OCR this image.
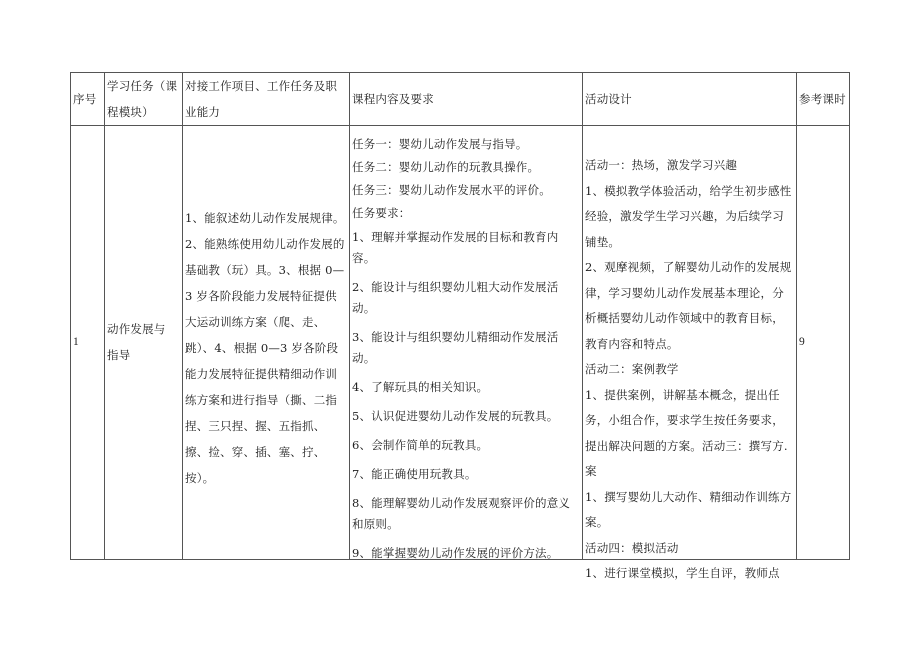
序号

学习任务（课程模块）

对接工作项目、工作任务及职业能力

课程内容及要求	活动设计	参考课时

1

动作发展与指导

1、能叙述幼儿动作发展规律。2、能熟练使用幼儿动作发展的基础教（玩）具。3、根据 0—3 岁各阶段能力发展特征提供大运动训练方案（爬、走、跳）、4、根据 0—3 岁各阶段能力发展特征提供精细动作训练方案和进行指导（撕、二指捏、三只捏、握、五指抓、擦、捡、穿、插、塞、拧、按）。

任务一：婴幼儿动作发展与指导。

任务二：婴幼儿动作的玩教具操作。

任务三：婴幼儿动作发展水平的评价。

任务要求：

1、理解并掌握动作发展的目标和教育内容。

2、能设计与组织婴幼儿粗大动作发展活动。

3、能设计与组织婴幼儿精细动作发展活动。

4、了解玩具的相关知识。

5、认识促进婴幼儿动作发展的玩教具。

6、会制作简单的玩教具。

7、能正确使用玩教具。

8、能理解婴幼儿动作发展观察评价的意义和原则。

9、能掌握婴幼儿动作发展的评价方法。

活动一：热场，激发学习兴趣

1、模拟教学体验活动，给学生初步感性经验，激发学生学习兴趣，为后续学习铺垫。

2、观摩视频，了解婴幼儿动作的发展规律，学习婴幼儿动作发展基本理论，分析概括婴幼儿动作领域中的教育目标，教育内容和特点。

活动二：案例教学

1、提供案例，讲解基本概念，提出任务，小组合作，要求学生按任务要求，提出解决问题的方案。活动三：撰写方. 案

1、撰写婴幼儿大动作、精细动作训练方案。

活动四：模拟活动

1、进行课堂模拟，学生自评，教师点

9
